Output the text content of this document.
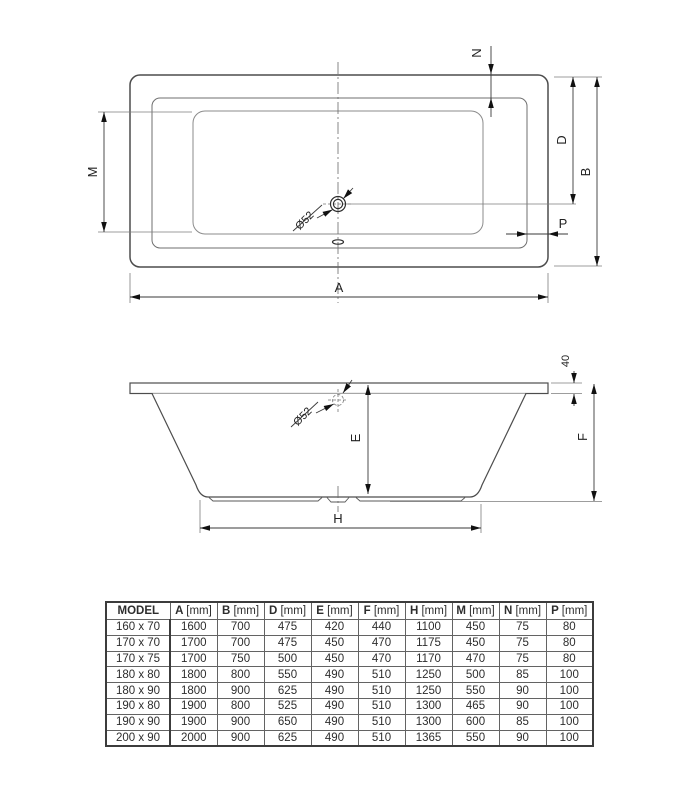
M
A
N
D
B
P
Ø52
Ø52
E
40
F
H
MODEL	A [mm]	B [mm]	D [mm]	E [mm]	F [mm]	H [mm]	M [mm]	N [mm]	P [mm]
160 x 70	1600	700	475	420	440	1100	450	75	80
170 x 70	1700	700	475	450	470	1175	450	75	80
170 x 75	1700	750	500	450	470	1170	470	75	80
180 x 80	1800	800	550	490	510	1250	500	85	100
180 x 90	1800	900	625	490	510	1250	550	90	100
190 x 80	1900	800	525	490	510	1300	465	90	100
190 x 90	1900	900	650	490	510	1300	600	85	100
200 x 90	2000	900	625	490	510	1365	550	90	100
